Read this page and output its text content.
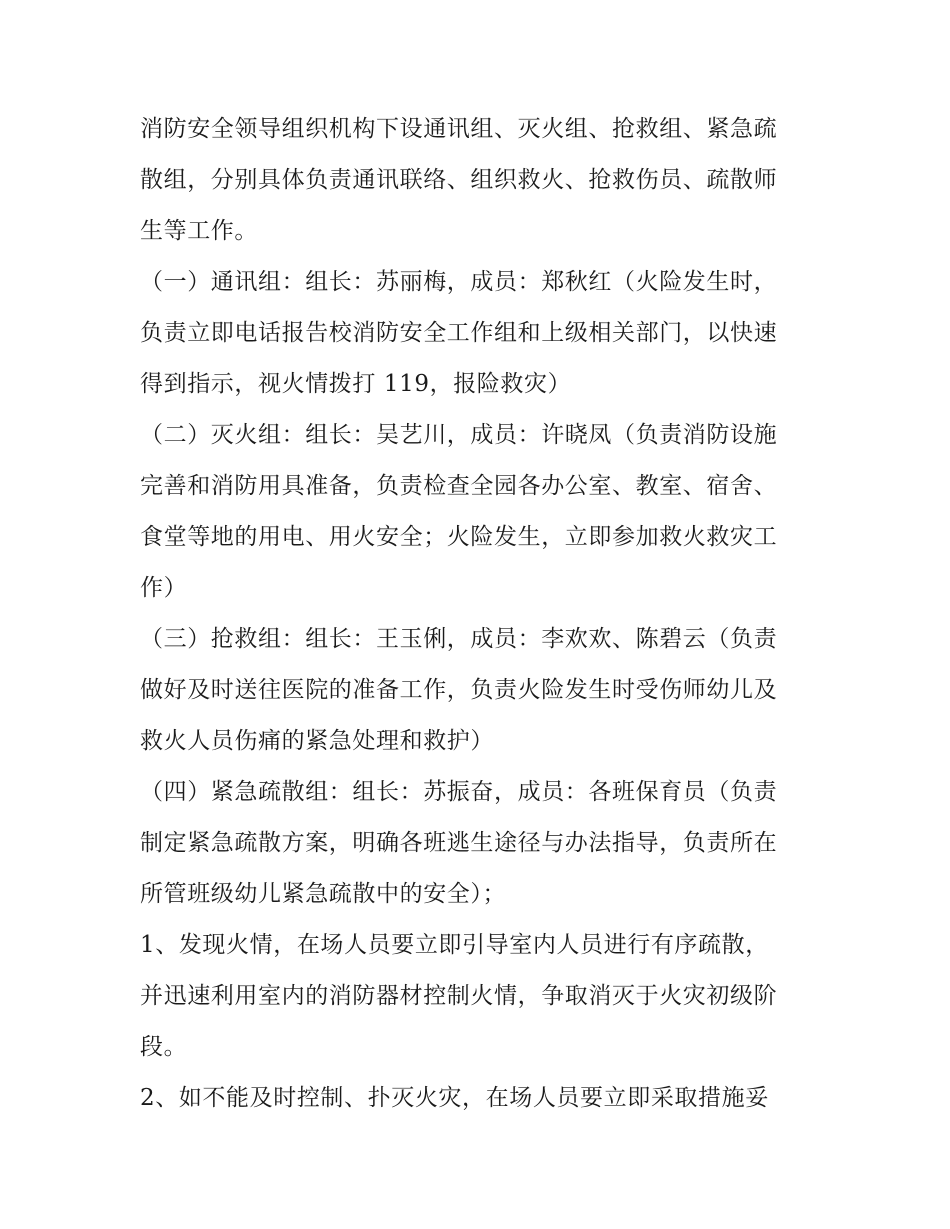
消防安全领导组织机构下设通讯组、灭火组、抢救组、紧急疏
散组，分别具体负责通讯联络、组织救火、抢救伤员、疏散师
生等工作。
（一）通讯组：组长：苏丽梅，成员：郑秋红（火险发生时，
负责立即电话报告校消防安全工作组和上级相关部门，以快速
得到指示，视火情拨打 119，报险救灾）
（二）灭火组：组长：吴艺川，成员：许晓凤（负责消防设施
完善和消防用具准备，负责检查全园各办公室、教室、宿舍、
食堂等地的用电、用火安全；火险发生，立即参加救火救灾工
作）
（三）抢救组：组长：王玉俐，成员：李欢欢、陈碧云（负责
做好及时送往医院的准备工作，负责火险发生时受伤师幼儿及
救火人员伤痛的紧急处理和救护）
（四）紧急疏散组：组长：苏振奋，成员：各班保育员（负责
制定紧急疏散方案，明确各班逃生途径与办法指导，负责所在
所管班级幼儿紧急疏散中的安全）；
1、发现火情，在场人员要立即引导室内人员进行有序疏散，
并迅速利用室内的消防器材控制火情，争取消灭于火灾初级阶
段。
2、如不能及时控制、扑灭火灾，在场人员要立即采取措施妥
